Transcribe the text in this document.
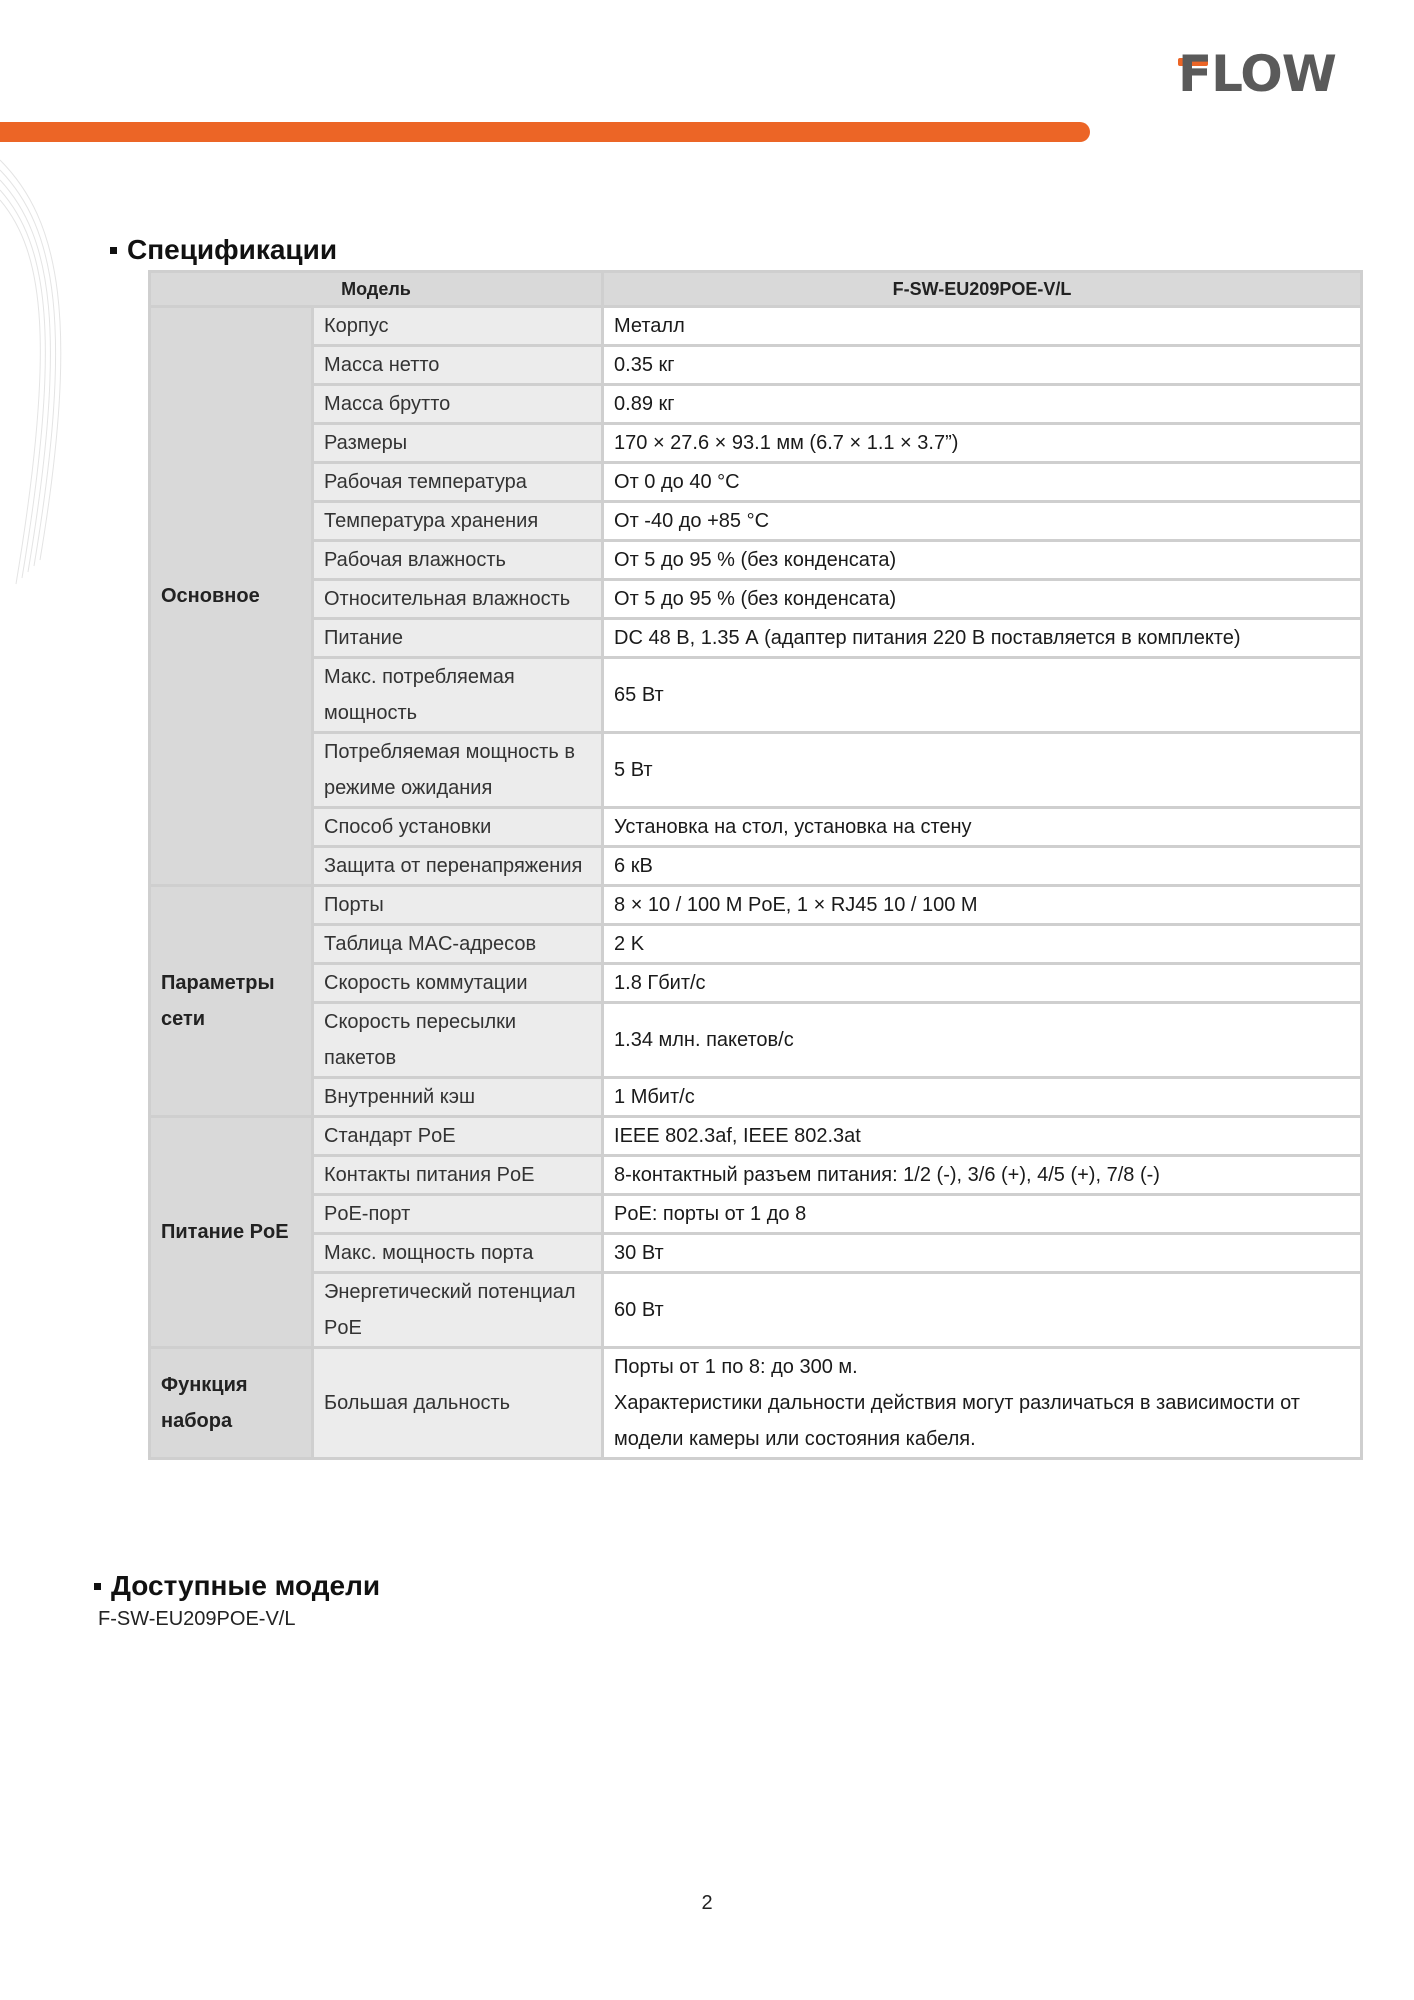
FLOW
Спецификации
Модель		F-SW-EU209POE-V/L
Основное	Корпус	Металл
	Масса нетто	0.35 кг
	Масса брутто	0.89 кг
	Размеры	170 × 27.6 × 93.1 мм (6.7 × 1.1 × 3.7”)
	Рабочая температура	От 0 до 40 °C
	Температура хранения	От -40 до +85 °C
	Рабочая влажность	От 5 до 95 % (без конденсата)
	Относительная влажность	От 5 до 95 % (без конденсата)
	Питание	DC 48 В, 1.35 А (адаптер питания 220 В поставляется в комплекте)
	Макс. потребляемая мощность	65 Вт
	Потребляемая мощность в режиме ожидания	5 Вт
	Способ установки	Установка на стол, установка на стену
	Защита от перенапряжения	6 кВ
Параметры сети	Порты	8 × 10 / 100 M PoE, 1 × RJ45 10 / 100 M
	Таблица MAC-адресов	2 K
	Скорость коммутации	1.8 Гбит/с
	Скорость пересылки пакетов	1.34 млн. пакетов/с
	Внутренний кэш	1 Мбит/с
Питание PoE	Стандарт PoE	IEEE 802.3af, IEEE 802.3at
	Контакты питания PoE	8-контактный разъем питания: 1/2 (-), 3/6 (+), 4/5 (+), 7/8 (-)
	PoE-порт	PoE: порты от 1 до 8
	Макс. мощность порта	30 Вт
	Энергетический потенциал PoE	60 Вт
Функция набора	Большая дальность	Порты от 1 по 8: до 300 м.
Характеристики дальности действия могут различаться в зависимости от модели камеры или состояния кабеля.
Доступные модели
F-SW-EU209POE-V/L
2
